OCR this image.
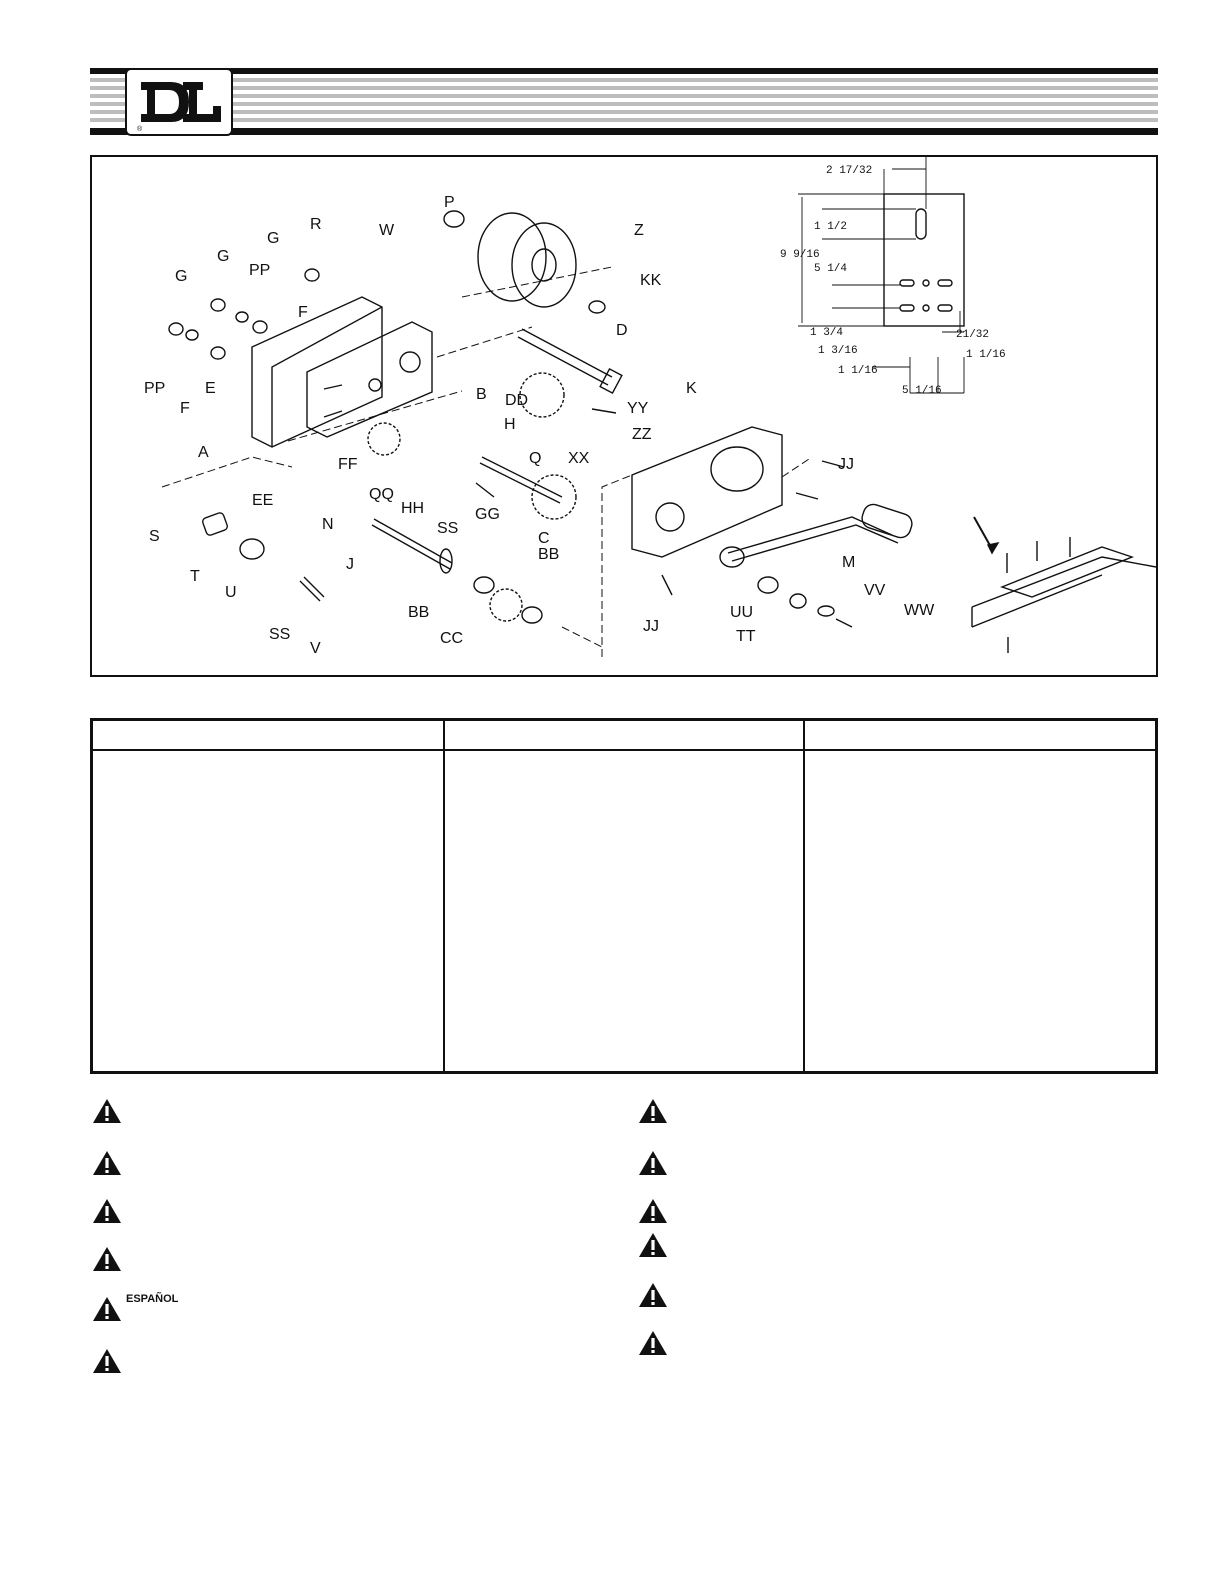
®
P
Z
W
R
G
G
PP
G
F
KK
D
PP
F
E
A
B DD
H
Q XX
YY
ZZ
K
JJ
FF
QQ
HH
SS
GG
C
EE
N
S
T
U
SS
V
J
BB
BB
CC
M
JJ
UU
TT
VV
WW
2 17/32
1 1/2
9 9/16
5 1/4
1 3/4	21/32
1 3/16	1 1/16
1 1/16
5 1/16
ESPAÑOL
